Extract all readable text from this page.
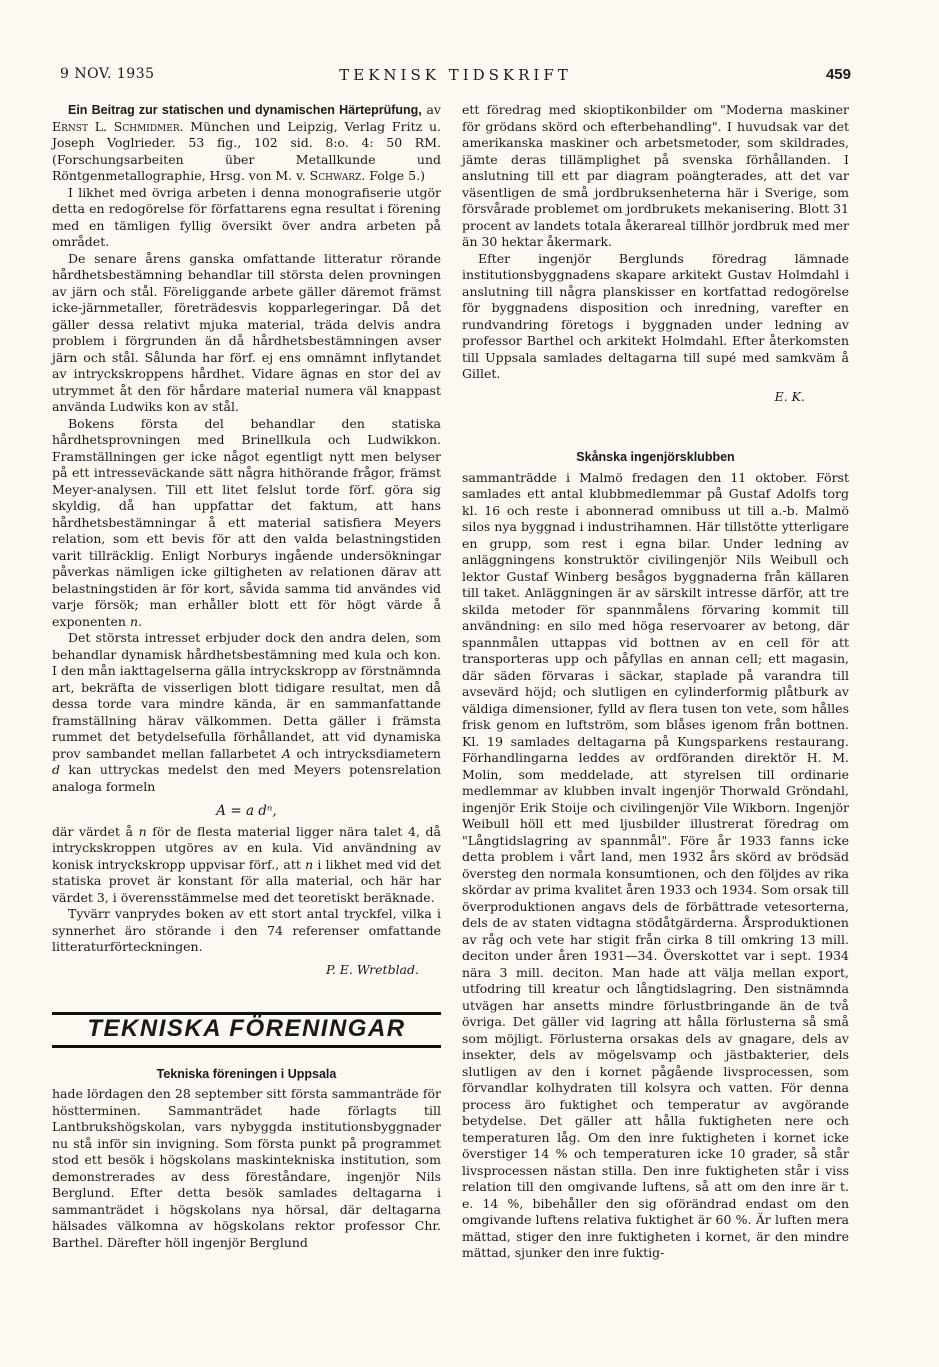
9 NOV. 1935	TEKNISK TIDSKRIFT	459

Ein Beitrag zur statischen und dynamischen Härteprüfung, av Ernst L. Schmidmer. München und Leipzig, Verlag Fritz u. Joseph Voglrieder. 53 fig., 102 sid. 8:o. 4: 50 RM. (Forschungsarbeiten über Metallkunde und Röntgenmetallographie, Hrsg. von M. v. Schwarz. Folge 5.)

I likhet med övriga arbeten i denna monografiserie utgör detta en redogörelse för författarens egna resultat i förening med en tämligen fyllig översikt över andra arbeten på området.

De senare årens ganska omfattande litteratur rörande hårdhetsbestämning behandlar till största delen provningen av järn och stål. Föreliggande arbete gäller däremot främst icke-järnmetaller, företrädesvis kopparlegeringar. Då det gäller dessa relativt mjuka material, träda delvis andra problem i förgrunden än då hårdhetsbestämningen avser järn och stål. Sålunda har förf. ej ens omnämnt inflytandet av intryckskroppens hårdhet. Vidare ägnas en stor del av utrymmet åt den för hårdare material numera väl knappast använda Ludwiks kon av stål.

Bokens första del behandlar den statiska hårdhetsprovningen med Brinellkula och Ludwikkon. Framställningen ger icke något egentligt nytt men belyser på ett intresseväckande sätt några hithörande frågor, främst Meyer-analysen. Till ett litet felslut torde förf. göra sig skyldig, då han uppfattar det faktum, att hans hårdhetsbestämningar å ett material satisfiera Meyers relation, som ett bevis för att den valda belastningstiden varit tillräcklig. Enligt Norburys ingående undersökningar påverkas nämligen icke giltigheten av relationen därav att belastningstiden är för kort, såvida samma tid användes vid varje försök; man erhåller blott ett för högt värde å exponenten n.

Det största intresset erbjuder dock den andra delen, som behandlar dynamisk hårdhetsbestämning med kula och kon. I den mån iakttagelserna gälla intryckskropp av förstnämnda art, bekräfta de visserligen blott tidigare resultat, men då dessa torde vara mindre kända, är en sammanfattande framställning härav välkommen. Detta gäller i främsta rummet det betydelsefulla förhållandet, att vid dynamiska prov sambandet mellan fallarbetet A och intrycksdiametern d kan uttryckas medelst den med Meyers potensrelation analoga formeln

A = a dⁿ,

där värdet å n för de flesta material ligger nära talet 4, då intryckskroppen utgöres av en kula. Vid användning av konisk intryckskropp uppvisar förf., att n i likhet med vid det statiska provet är konstant för alla material, och här har värdet 3, i överensstämmelse med det teoretiskt beräknade.

Tyvärr vanprydes boken av ett stort antal tryckfel, vilka i synnerhet äro störande i den 74 referenser omfattande litteraturförteckningen.

P. E. Wretblad.
TEKNISKA FÖRENINGAR
Tekniska föreningen i Uppsala

hade lördagen den 28 september sitt första sammanträde för höstterminen. Sammanträdet hade förlagts till Lantbrukshögskolan, vars nybyggda institutionsbyggnader nu stå inför sin invigning. Som första punkt på programmet stod ett besök i högskolans maskintekniska institution, som demonstrerades av dess föreståndare, ingenjör Nils Berglund. Efter detta besök samlades deltagarna i sammanträdet i högskolans nya hörsal, där deltagarna hälsades välkomna av högskolans rektor professor Chr. Barthel. Därefter höll ingenjör Berglund

ett föredrag med skioptikonbilder om "Moderna maskiner för grödans skörd och efterbehandling". I huvudsak var det amerikanska maskiner och arbetsmetoder, som skildrades, jämte deras tillämplighet på svenska förhållanden. I anslutning till ett par diagram poängterades, att det var väsentligen de små jordbruksenheterna här i Sverige, som försvårade problemet om jordbrukets mekanisering. Blott 31 procent av landets totala åkerareal tillhör jordbruk med mer än 30 hektar åkermark.

Efter ingenjör Berglunds föredrag lämnade institutionsbyggnadens skapare arkitekt Gustav Holmdahl i anslutning till några planskisser en kortfattad redogörelse för byggnadens disposition och inredning, varefter en rundvandring företogs i byggnaden under ledning av professor Barthel och arkitekt Holmdahl. Efter återkomsten till Uppsala samlades deltagarna till supé med samkväm å Gillet.

E. K.
Skånska ingenjörsklubben

sammanträdde i Malmö fredagen den 11 oktober. Först samlades ett antal klubbmedlemmar på Gustaf Adolfs torg kl. 16 och reste i abonnerad omnibuss ut till a.-b. Malmö silos nya byggnad i industrihamnen. Här tillstötte ytterligare en grupp, som rest i egna bilar. Under ledning av anläggningens konstruktör civilingenjör Nils Weibull och lektor Gustaf Winberg besågos byggnaderna från källaren till taket. Anläggningen är av särskilt intresse därför, att tre skilda metoder för spannmålens förvaring kommit till användning: en silo med höga reservoarer av betong, där spannmålen uttappas vid bottnen av en cell för att transporteras upp och påfyllas en annan cell; ett magasin, där säden förvaras i säckar, staplade på varandra till avsevärd höjd; och slutligen en cylinderformig plåtburk av väldiga dimensioner, fylld av flera tusen ton vete, som hålles frisk genom en luftström, som blåses igenom från bottnen. Kl. 19 samlades deltagarna på Kungsparkens restaurang. Förhandlingarna leddes av ordföranden direktör H. M. Molin, som meddelade, att styrelsen till ordinarie medlemmar av klubben invalt ingenjör Thorwald Gröndahl, ingenjör Erik Stoije och civilingenjör Vile Wikborn. Ingenjör Weibull höll ett med ljusbilder illustrerat föredrag om "Långtidslagring av spannmål". Före år 1933 fanns icke detta problem i vårt land, men 1932 års skörd av brödsäd översteg den normala konsumtionen, och den följdes av rika skördar av prima kvalitet åren 1933 och 1934. Som orsak till överproduktionen angavs dels de förbättrade vetesorterna, dels de av staten vidtagna stödåtgärderna. Årsproduktionen av råg och vete har stigit från cirka 8 till omkring 13 mill. deciton under åren 1931—34. Överskottet var i sept. 1934 nära 3 mill. deciton. Man hade att välja mellan export, utfodring till kreatur och långtidslagring. Den sistnämnda utvägen har ansetts mindre förlustbringande än de två övriga. Det gäller vid lagring att hålla förlusterna så små som möjligt. Förlusterna orsakas dels av gnagare, dels av insekter, dels av mögelsvamp och jästbakterier, dels slutligen av den i kornet pågående livsprocessen, som förvandlar kolhydraten till kolsyra och vatten. För denna process äro fuktighet och temperatur av avgörande betydelse. Det gäller att hålla fuktigheten nere och temperaturen låg. Om den inre fuktigheten i kornet icke överstiger 14 % och temperaturen icke 10 grader, så står livsprocessen nästan stilla. Den inre fuktigheten står i viss relation till den omgivande luftens, så att om den inre är t. e. 14 %, bibehåller den sig oförändrad endast om den omgivande luftens relativa fuktighet är 60 %. Är luften mera mättad, stiger den inre fuktigheten i kornet, är den mindre mättad, sjunker den inre fuktig-
